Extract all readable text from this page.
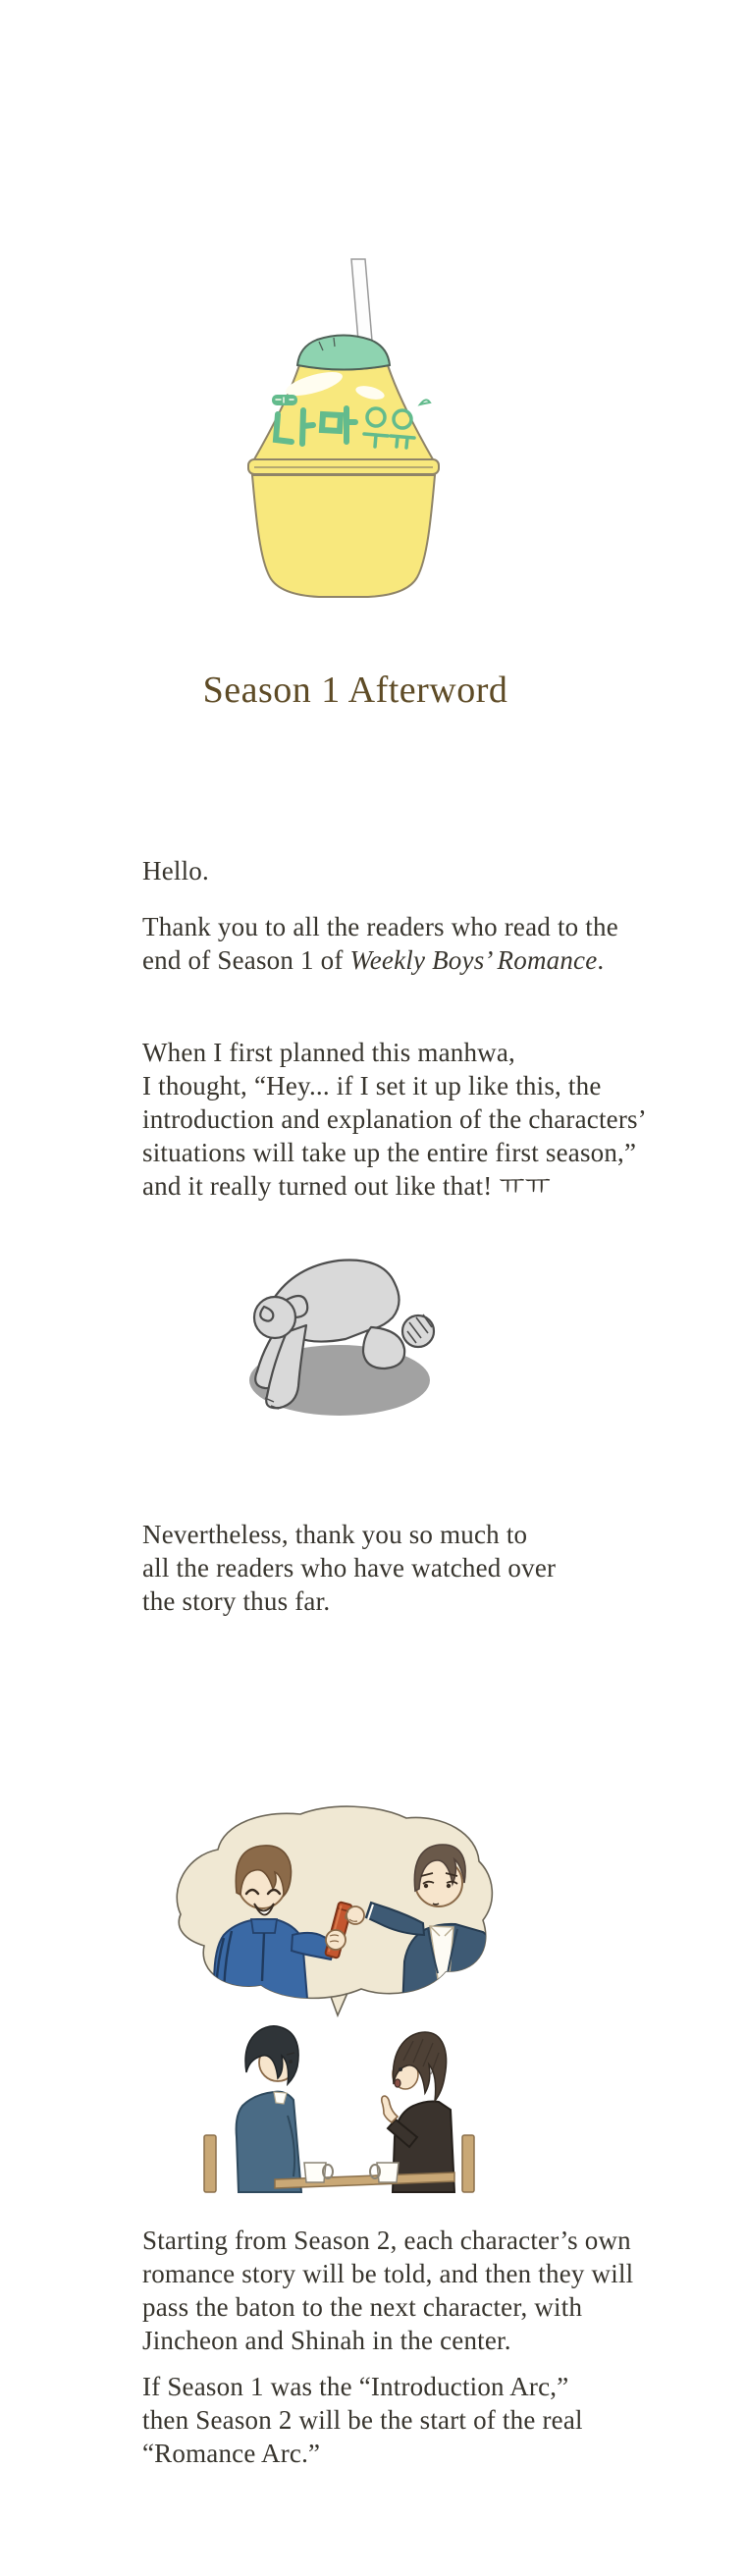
Season 1 Afterword
Hello.
Thank you to all the readers who read to the
end of Season 1 of Weekly Boys’ Romance.
When I first planned this manhwa,
I thought, “Hey... if I set it up like this, the
introduction and explanation of the characters’
situations will take up the entire first season,”
and it really turned out like that! ㅠㅠ
Nevertheless, thank you so much to
all the readers who have watched over
the story thus far.
Starting from Season 2, each character’s own
romance story will be told, and then they will
pass the baton to the next character, with
Jincheon and Shinah in the center.
If Season 1 was the “Introduction Arc,”
then Season 2 will be the start of the real
“Romance Arc.”
